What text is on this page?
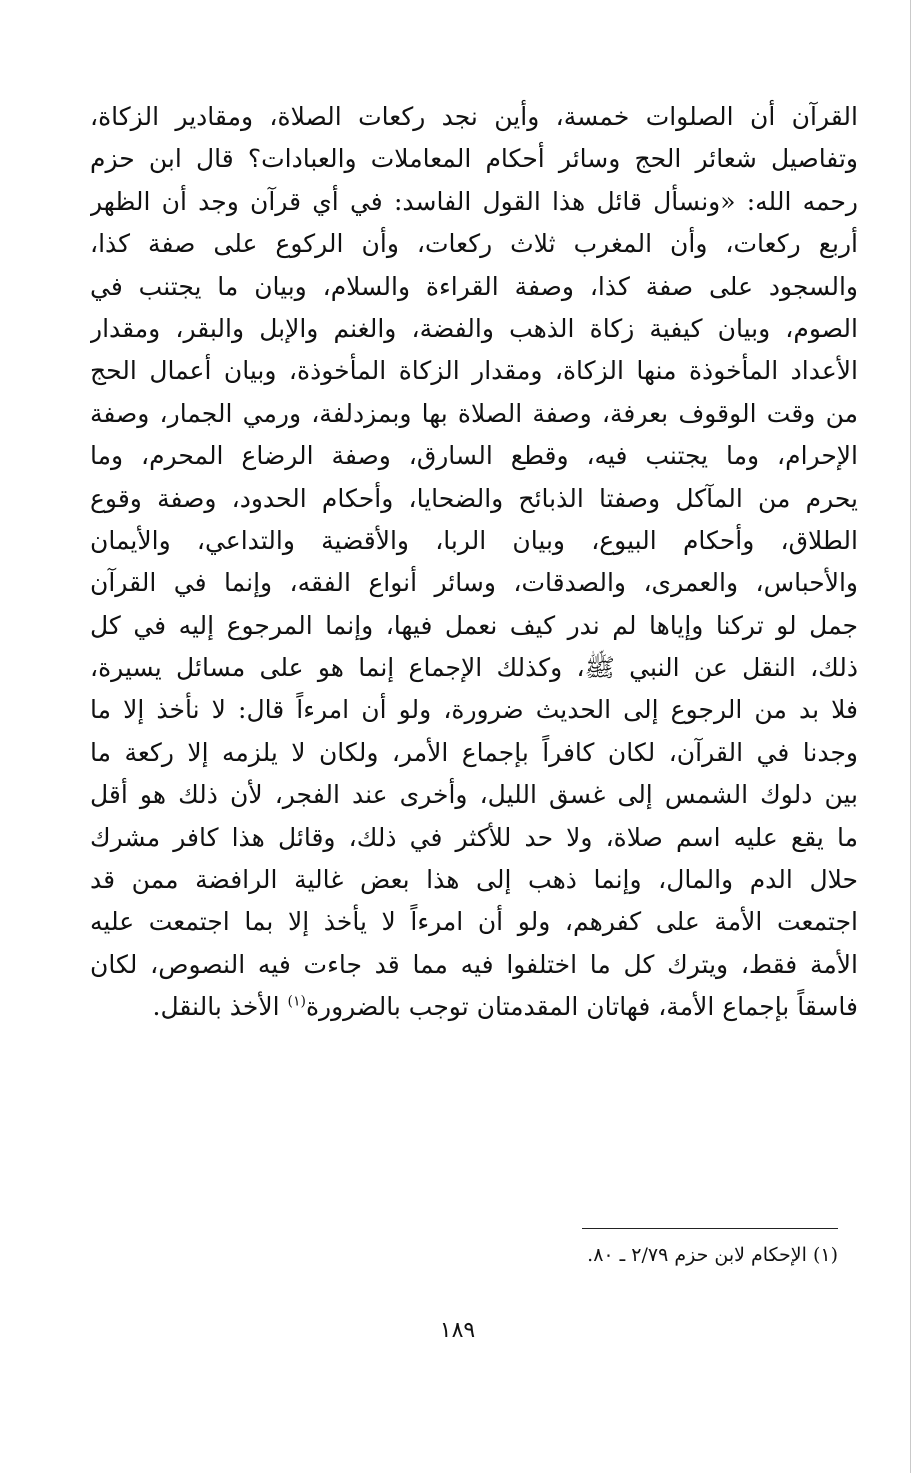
القرآن أن الصلوات خمسة، وأين نجد ركعات الصلاة، ومقادير الزكاة،
وتفاصيل شعائر الحج وسائر أحكام المعاملات والعبادات؟ قال ابن حزم
رحمه الله: «ونسأل قائل هذا القول الفاسد: في أي قرآن وجد أن الظهر
أربع ركعات، وأن المغرب ثلاث ركعات، وأن الركوع على صفة كذا،
والسجود على صفة كذا، وصفة القراءة والسلام، وبيان ما يجتنب في
الصوم، وبيان كيفية زكاة الذهب والفضة، والغنم والإبل والبقر، ومقدار
الأعداد المأخوذة منها الزكاة، ومقدار الزكاة المأخوذة، وبيان أعمال الحج
من وقت الوقوف بعرفة، وصفة الصلاة بها وبمزدلفة، ورمي الجمار، وصفة
الإحرام، وما يجتنب فيه، وقطع السارق، وصفة الرضاع المحرم، وما
يحرم من المآكل وصفتا الذبائح والضحايا، وأحكام الحدود، وصفة وقوع
الطلاق، وأحكام البيوع، وبيان الربا، والأقضية والتداعي، والأيمان
والأحباس، والعمرى، والصدقات، وسائر أنواع الفقه، وإنما في القرآن
جمل لو تركنا وإياها لم ندر كيف نعمل فيها، وإنما المرجوع إليه في كل
ذلك، النقل عن النبي ﷺ، وكذلك الإجماع إنما هو على مسائل يسيرة،
فلا بد من الرجوع إلى الحديث ضرورة، ولو أن امرءاً قال: لا نأخذ إلا ما
وجدنا في القرآن، لكان كافراً بإجماع الأمر، ولكان لا يلزمه إلا ركعة ما
بين دلوك الشمس إلى غسق الليل، وأخرى عند الفجر، لأن ذلك هو أقل
ما يقع عليه اسم صلاة، ولا حد للأكثر في ذلك، وقائل هذا كافر مشرك
حلال الدم والمال، وإنما ذهب إلى هذا بعض غالية الرافضة ممن قد
اجتمعت الأمة على كفرهم، ولو أن امرءاً لا يأخذ إلا بما اجتمعت عليه
الأمة فقط، ويترك كل ما اختلفوا فيه مما قد جاءت فيه النصوص، لكان
فاسقاً بإجماع الأمة، فهاتان المقدمتان توجب بالضرورة$^{(١)}$ الأخذ بالنقل.
(١) الإحكام لابن حزم ٢/٧٩ ـ ٨٠.
١٨٩
